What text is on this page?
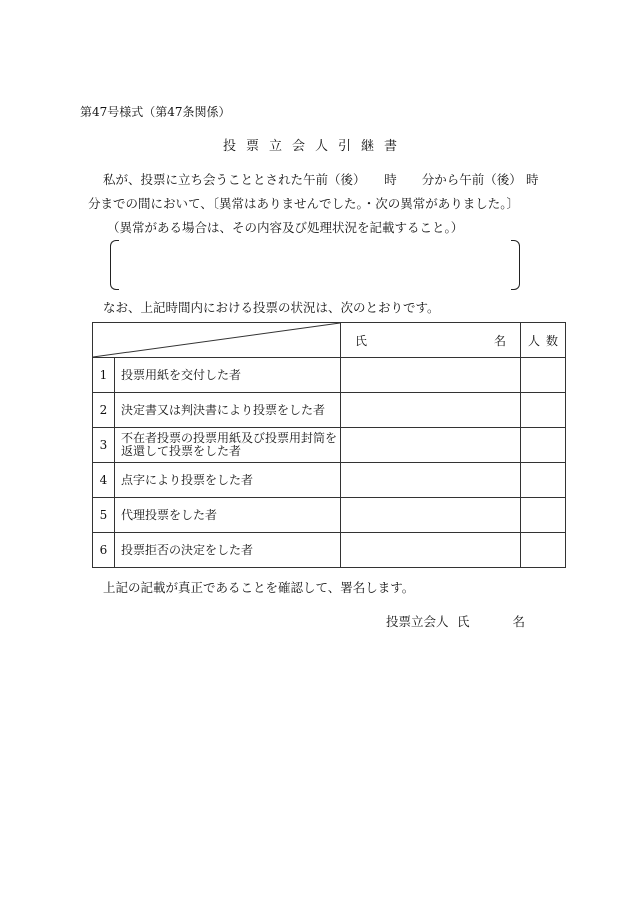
第47号様式（第47条関係）
投票立会人引継書
私が、投票に立ち会うこととされた午前（後）　　時　　分から午前（後） 時
分までの間において、〔異常はありませんでした。・次の異常がありました。〕
（異常がある場合は、その内容及び処理状況を記載すること。）
なお、上記時間内における投票の状況は、次のとおりです。

氏 名	人 数

1	投票用紙を交付した者		
2	決定書又は判決書により投票をした者		
3	不在者投票の投票用紙及び投票用封筒を返還して投票をした者		
4	点字により投票をした者		
5	代理投票をした者		
6	投票拒否の決定をした者		
上記の記載が真正であることを確認して、署名します。
投票立会人 氏	名
